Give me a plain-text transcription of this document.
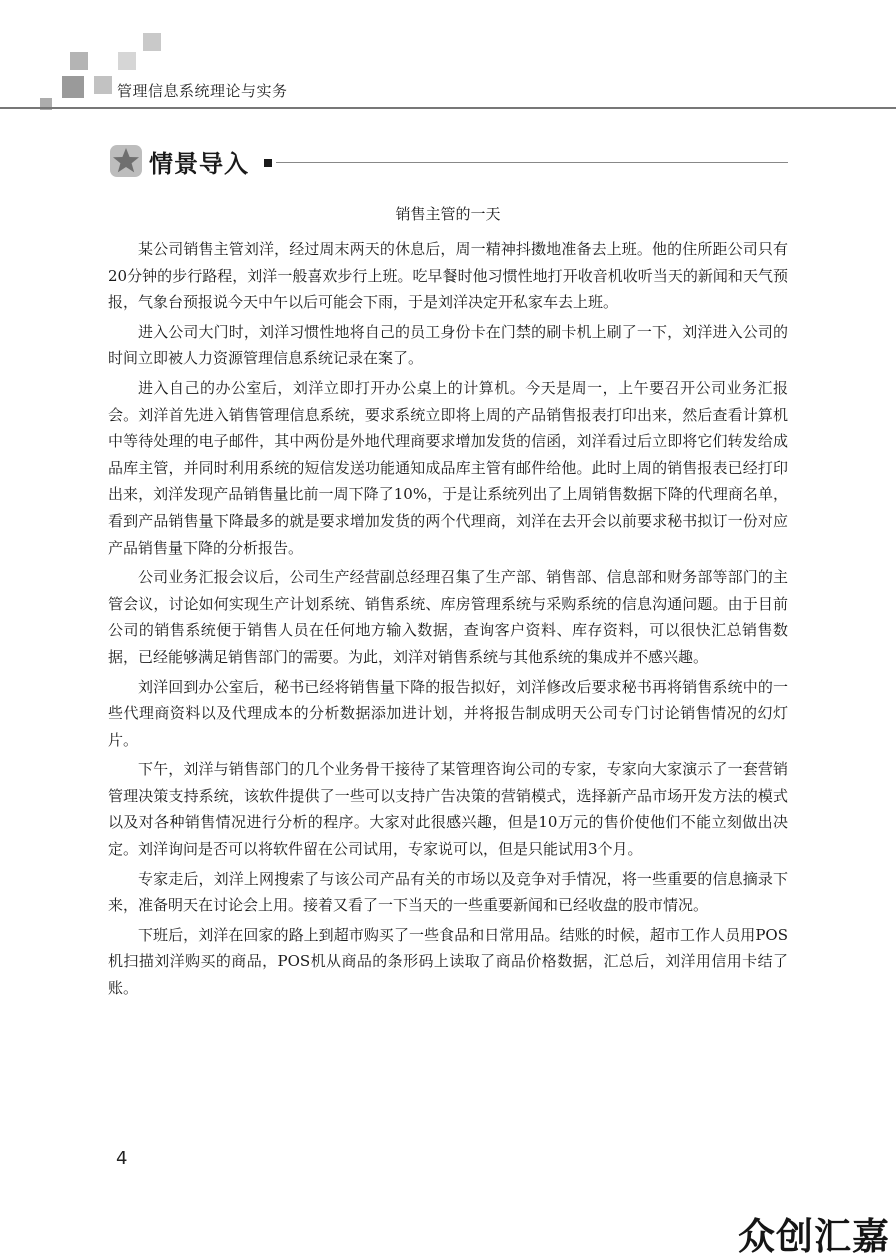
管理信息系统理论与实务
情景导入
销售主管的一天

某公司销售主管刘洋，经过周末两天的休息后，周一精神抖擞地准备去上班。他的住所距公司只有20分钟的步行路程，刘洋一般喜欢步行上班。吃早餐时他习惯性地打开收音机收听当天的新闻和天气预报，气象台预报说今天中午以后可能会下雨，于是刘洋决定开私家车去上班。

进入公司大门时，刘洋习惯性地将自己的员工身份卡在门禁的刷卡机上刷了一下，刘洋进入公司的时间立即被人力资源管理信息系统记录在案了。

进入自己的办公室后，刘洋立即打开办公桌上的计算机。今天是周一，上午要召开公司业务汇报会。刘洋首先进入销售管理信息系统，要求系统立即将上周的产品销售报表打印出来，然后查看计算机中等待处理的电子邮件，其中两份是外地代理商要求增加发货的信函，刘洋看过后立即将它们转发给成品库主管，并同时利用系统的短信发送功能通知成品库主管有邮件给他。此时上周的销售报表已经打印出来，刘洋发现产品销售量比前一周下降了10%，于是让系统列出了上周销售数据下降的代理商名单，看到产品销售量下降最多的就是要求增加发货的两个代理商，刘洋在去开会以前要求秘书拟订一份对应产品销售量下降的分析报告。

公司业务汇报会议后，公司生产经营副总经理召集了生产部、销售部、信息部和财务部等部门的主管会议，讨论如何实现生产计划系统、销售系统、库房管理系统与采购系统的信息沟通问题。由于目前公司的销售系统便于销售人员在任何地方输入数据，查询客户资料、库存资料，可以很快汇总销售数据，已经能够满足销售部门的需要。为此，刘洋对销售系统与其他系统的集成并不感兴趣。

刘洋回到办公室后，秘书已经将销售量下降的报告拟好，刘洋修改后要求秘书再将销售系统中的一些代理商资料以及代理成本的分析数据添加进计划，并将报告制成明天公司专门讨论销售情况的幻灯片。

下午，刘洋与销售部门的几个业务骨干接待了某管理咨询公司的专家，专家向大家演示了一套营销管理决策支持系统，该软件提供了一些可以支持广告决策的营销模式，选择新产品市场开发方法的模式以及对各种销售情况进行分析的程序。大家对此很感兴趣，但是10万元的售价使他们不能立刻做出决定。刘洋询问是否可以将软件留在公司试用，专家说可以，但是只能试用3个月。

专家走后，刘洋上网搜索了与该公司产品有关的市场以及竞争对手情况，将一些重要的信息摘录下来，准备明天在讨论会上用。接着又看了一下当天的一些重要新闻和已经收盘的股市情况。

下班后，刘洋在回家的路上到超市购买了一些食品和日常用品。结账的时候，超市工作人员用POS机扫描刘洋购买的商品，POS机从商品的条形码上读取了商品价格数据，汇总后，刘洋用信用卡结了账。

4
众创汇嘉
